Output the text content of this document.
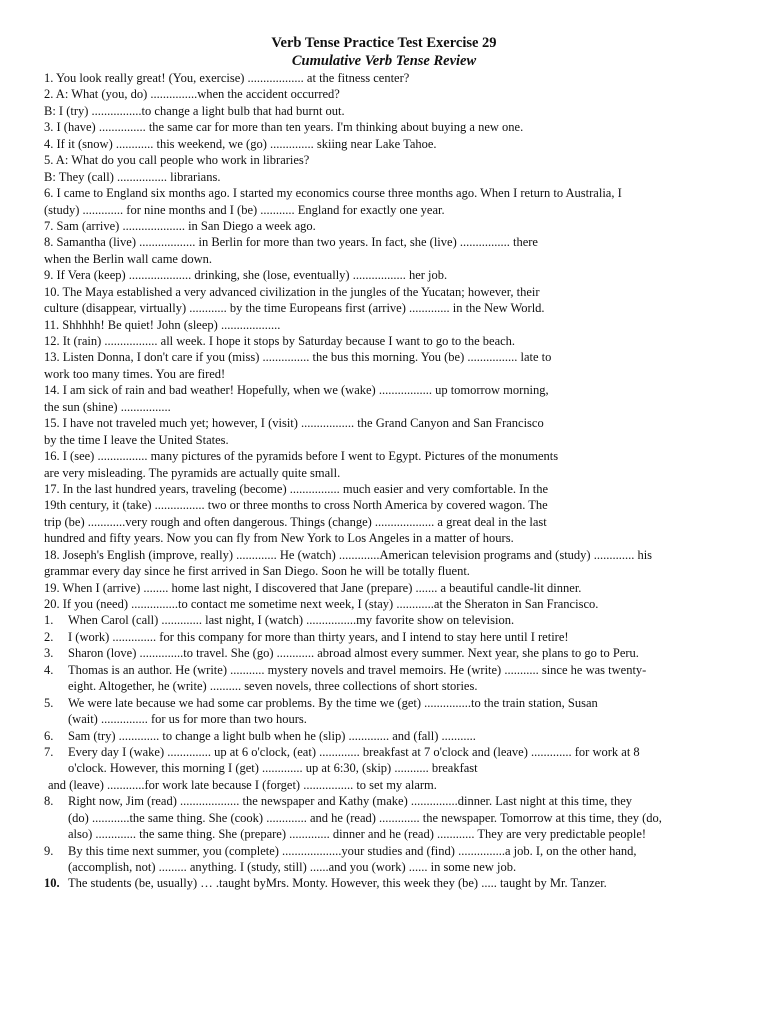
Verb Tense Practice Test Exercise 29
Cumulative Verb Tense Review
1. You look really great! (You, exercise) .................. at the fitness center?
2. A: What (you, do) ...............when the accident occurred?
B: I (try) ................to change a light bulb that had burnt out.
3. I (have) ............... the same car for more than ten years. I'm thinking about buying a new one.
4. If it (snow) ............ this weekend, we (go) .............. skiing near Lake Tahoe.
5. A: What do you call people who work in libraries?
B: They (call) ................ librarians.
6. I came to England six months ago. I started my economics course three months ago. When I return to Australia, I
(study) ............. for nine months and I (be) ........... England for exactly one year.
7. Sam (arrive) .................... in San Diego a week ago.
8. Samantha (live) .................. in Berlin for more than two years. In fact, she (live) ................ there
when the Berlin wall came down.
9. If Vera (keep) .................... drinking, she (lose, eventually) ................. her job.
10. The Maya established a very advanced civilization in the jungles of the Yucatan; however, their
culture (disappear, virtually) ............ by the time Europeans first (arrive) ............. in the New World.
11. Shhhhh! Be quiet! John (sleep) ...................
12. It (rain) ................. all week. I hope it stops by Saturday because I want to go to the beach.
13. Listen Donna, I don't care if you (miss) ............... the bus this morning. You (be) ................ late to
work too many times. You are fired!
14. I am sick of rain and bad weather! Hopefully, when we (wake) ................. up tomorrow morning,
the sun (shine) ................
15. I have not traveled much yet; however, I (visit) ................. the Grand Canyon and San Francisco
by the time I leave the United States.
16. I (see) ................ many pictures of the pyramids before I went to Egypt. Pictures of the monuments
are very misleading. The pyramids are actually quite small.
17. In the last hundred years, traveling (become) ................ much easier and very comfortable. In the
19th century, it (take) ................ two or three months to cross North America by covered wagon. The
trip (be) ............very rough and often dangerous. Things (change) ................... a great deal in the last
hundred and fifty years. Now you can fly from New York to Los Angeles in a matter of hours.
18. Joseph's English (improve, really) ............. He (watch) .............American television programs and (study) ............. his
grammar every day since he first arrived in San Diego. Soon he will be totally fluent.
19. When I (arrive) ........ home last night, I discovered that Jane (prepare) ....... a beautiful candle-lit dinner.
20. If you (need) ...............to contact me sometime next week, I (stay) ............at the Sheraton in San Francisco.
1.	When Carol (call) ............. last night, I (watch) ................my favorite show on television.
2.	I (work) .............. for this company for more than thirty years, and I intend to stay here until I retire!
3.	Sharon (love) ..............to travel. She (go) ............ abroad almost every summer. Next year, she plans to go to Peru.
4.	Thomas is an author. He (write) ........... mystery novels and travel memoirs. He (write) ........... since he was twenty-
eight. Altogether, he (write) .......... seven novels, three collections of short stories.
5.	We were late because we had some car problems. By the time we (get) ...............to the train station, Susan
(wait) ............... for us for more than two hours.
6.	Sam (try) ............. to change a light bulb when he (slip) ............. and (fall) ...........
7.	Every day I (wake) .............. up at 6 o'clock, (eat) ............. breakfast at 7 o'clock and (leave) ............. for work at 8
o'clock. However, this morning I (get) ............. up at 6:30, (skip) ........... breakfast
and (leave) ............for work late because I (forget) ................ to set my alarm.
8.	Right now, Jim (read) ................... the newspaper and Kathy (make) ...............dinner. Last night at this time, they
(do) ............the same thing. She (cook) ............. and he (read) ............. the newspaper. Tomorrow at this time, they (do,
also) ............. the same thing. She (prepare) ............. dinner and he (read) ............ They are very predictable people!
9.	By this time next summer, you (complete) ...................your studies and (find) ...............a job. I, on the other hand,
(accomplish, not) ......... anything. I (study, still) ......and you (work) ...... in some new job.
10. The students (be, usually) … .taught byMrs. Monty. However, this week they (be) ..... taught by Mr. Tanzer.
